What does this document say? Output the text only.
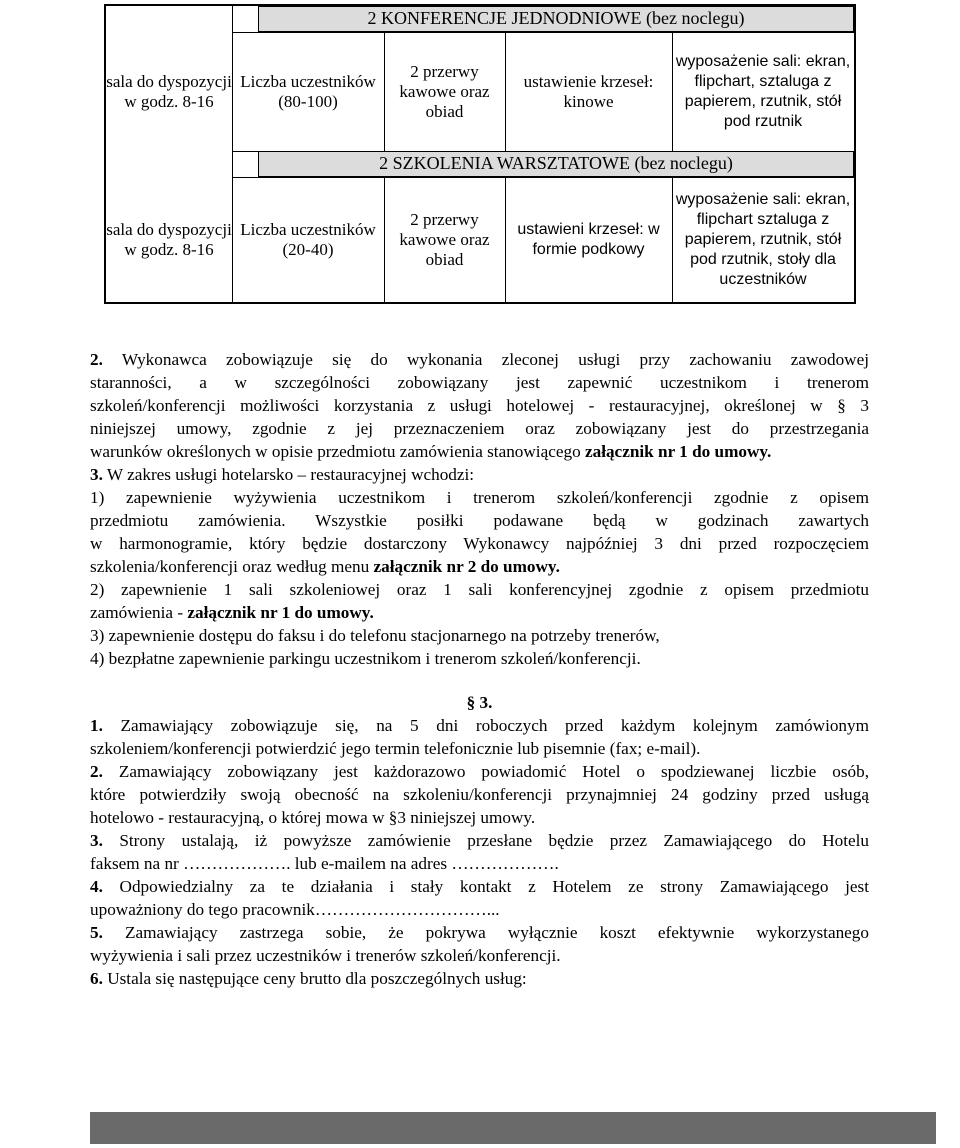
2 KONFERENCJE JEDNODNIOWE (bez noclegu)
sala do dyspozycji w godz. 8-16
Liczba uczestników (80-100)
2 przerwy kawowe oraz obiad
ustawienie krzeseł: kinowe
wyposażenie sali: ekran, flipchart, sztaluga z papierem, rzutnik, stół pod rzutnik
2 SZKOLENIA WARSZTATOWE (bez noclegu)
sala do dyspozycji w godz. 8-16
Liczba uczestników (20-40)
2 przerwy kawowe oraz obiad
ustawieni krzeseł: w formie podkowy
wyposażenie sali: ekran, flipchart sztaluga z papierem, rzutnik, stół pod rzutnik, stoły dla uczestników
2. Wykonawca zobowiązuje się do wykonania zleconej usługi przy zachowaniu zawodowej
staranności, a w szczególności zobowiązany jest zapewnić uczestnikom i trenerom
szkoleń/konferencji możliwości korzystania z usługi hotelowej - restauracyjnej, określonej w § 3
niniejszej umowy, zgodnie z jej przeznaczeniem oraz zobowiązany jest do przestrzegania
warunków określonych w opisie przedmiotu zamówienia stanowiącego załącznik nr 1 do umowy.
3. W zakres usługi hotelarsko – restauracyjnej wchodzi:
1) zapewnienie wyżywienia uczestnikom i trenerom szkoleń/konferencji zgodnie z opisem
przedmiotu zamówienia. Wszystkie posiłki podawane będą w godzinach zawartych
w harmonogramie, który będzie dostarczony Wykonawcy najpóźniej 3 dni przed rozpoczęciem
szkolenia/konferencji oraz według menu załącznik nr 2 do umowy.
2) zapewnienie 1 sali szkoleniowej oraz 1 sali konferencyjnej zgodnie z opisem przedmiotu
zamówienia - załącznik nr 1 do umowy.
3) zapewnienie dostępu do faksu i do telefonu stacjonarnego na potrzeby trenerów,
4) bezpłatne zapewnienie parkingu uczestnikom i trenerom szkoleń/konferencji.
§ 3.
1. Zamawiający zobowiązuje się, na 5 dni roboczych przed każdym kolejnym zamówionym
szkoleniem/konferencji potwierdzić jego termin telefonicznie lub pisemnie (fax; e-mail).
2. Zamawiający zobowiązany jest każdorazowo powiadomić Hotel o spodziewanej liczbie osób,
które potwierdziły swoją obecność na szkoleniu/konferencji przynajmniej 24 godziny przed usługą
hotelowo - restauracyjną, o której mowa w §3 niniejszej umowy.
3. Strony ustalają, iż powyższe zamówienie przesłane będzie przez Zamawiającego do Hotelu
faksem na nr ………………. lub e-mailem na adres ……………….
4. Odpowiedzialny za te działania i stały kontakt z Hotelem ze strony Zamawiającego jest
upoważniony do tego pracownik…………………………...
5. Zamawiający zastrzega sobie, że pokrywa wyłącznie koszt efektywnie wykorzystanego
wyżywienia i sali przez uczestników i trenerów szkoleń/konferencji.
6. Ustala się następujące ceny brutto dla poszczególnych usług:
